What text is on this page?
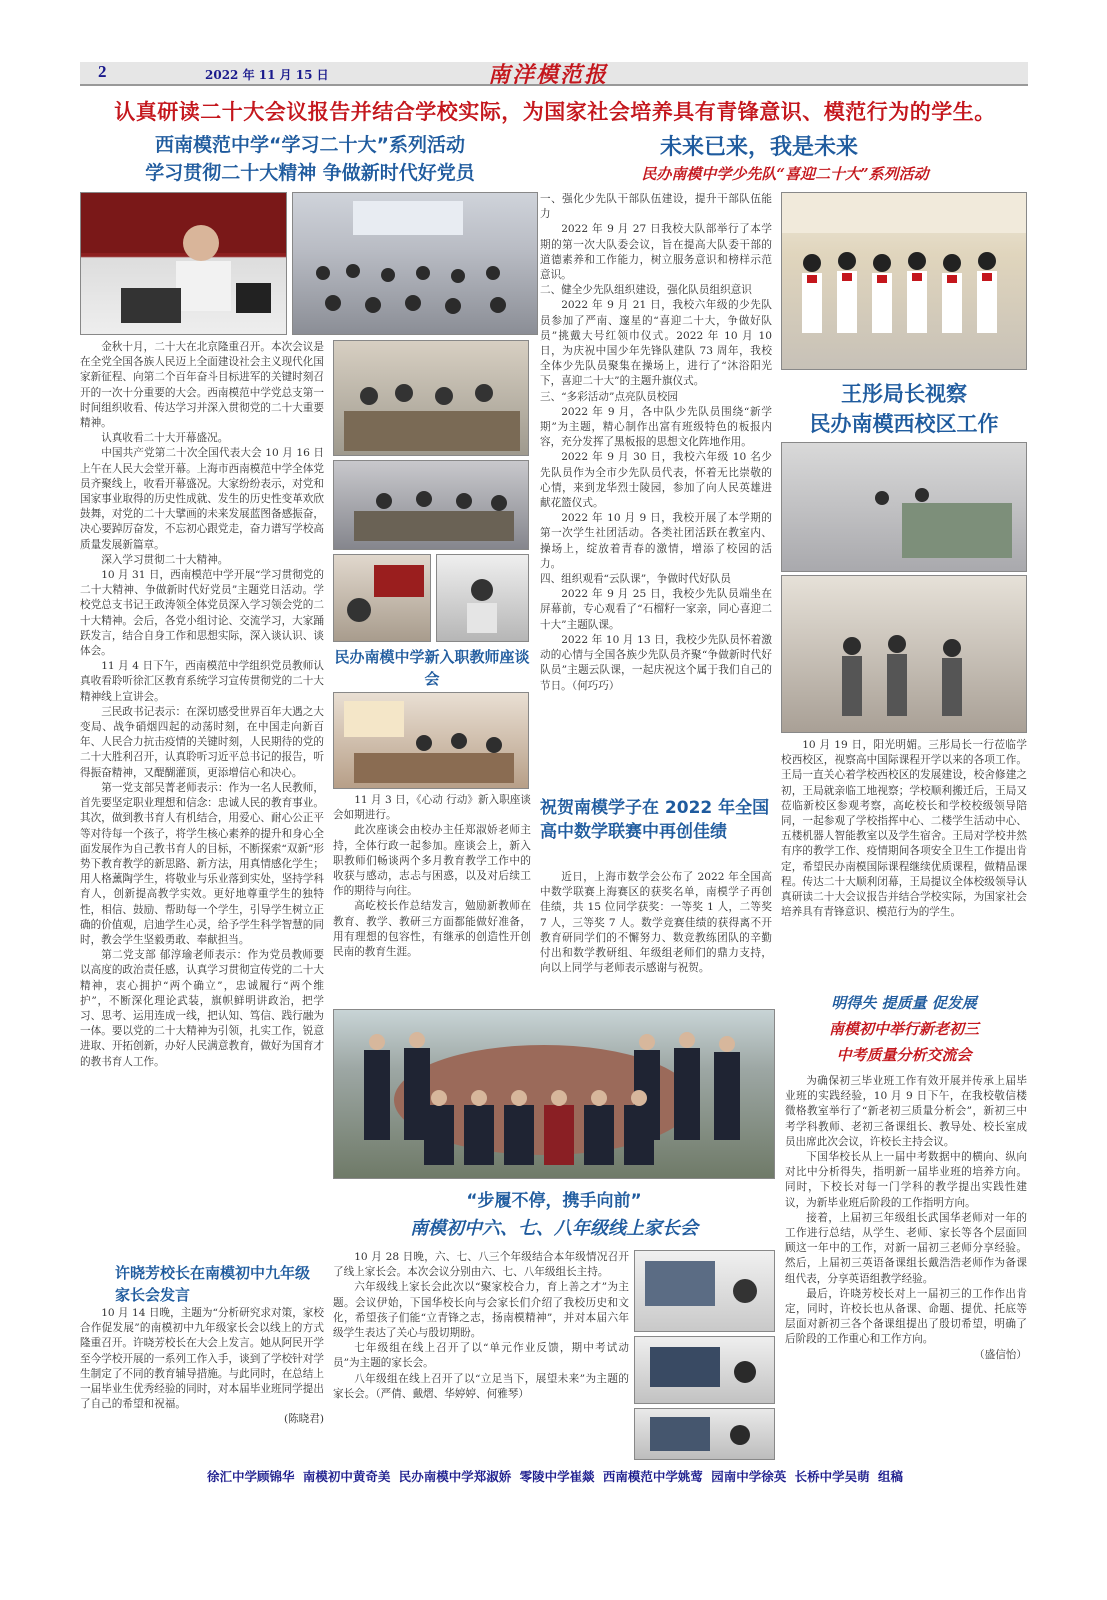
2	2022 年 11 月 15 日	南洋模范报
认真研读二十大会议报告并结合学校实际，为国家社会培养具有青锋意识、模范行为的学生。
西南模范中学“学习二十大”系列活动
学习贯彻二十大精神 争做新时代好党员

金秋十月，二十大在北京隆重召开。本次会议是在全党全国各族人民迈上全面建设社会主义现代化国家新征程、向第二个百年奋斗目标进军的关键时刻召开的一次十分重要的大会。西南模范中学党总支第一时间组织收看、传达学习并深入贯彻党的二十大重要精神。

认真收看二十大开幕盛况。

中国共产党第二十次全国代表大会 10 月 16 日上午在人民大会堂开幕。上海市西南模范中学全体党员齐聚线上，收看开幕盛况。大家纷纷表示，对党和国家事业取得的历史性成就、发生的历史性变革欢欣鼓舞，对党的二十大擘画的未来发展蓝图备感振奋，决心要踔厉奋发，不忘初心跟党走，奋力谱写学校高质量发展新篇章。

深入学习贯彻二十大精神。

10 月 31 日，西南模范中学开展“学习贯彻党的二十大精神、争做新时代好党员”主题党日活动。学校党总支书记王政涛领全体党员深入学习领会党的二十大精神。会后，各党小组讨论、交流学习，大家踊跃发言，结合自身工作和思想实际，深入谈认识、谈体会。

11 月 4 日下午，西南模范中学组织党员教师认真收看聆听徐汇区教育系统学习宣传贯彻党的二十大精神线上宣讲会。

三民政书记表示：在深切感受世界百年大遇之大变局、战争硝烟四起的动荡时刻，在中国走向新百年、人民合力抗击疫情的关键时刻，人民期待的党的二十大胜利召开，认真聆听习近平总书记的报告，听得振奋精神，又醍醐灌顶，更添增信心和决心。

第一党支部吴菁老师表示：作为一名人民教师，首先要坚定职业理想和信念：忠诚人民的教育事业。其次，做到教书育人有机结合，用爱心、耐心公正平等对待每一个孩子，将学生核心素养的提升和身心全面发展作为自己教书育人的目标，不断探索“双新”形势下教育教学的新思路、新方法，用真情感化学生；用人格薰陶学生，将敬业与乐业落到实处，坚持学科育人，创新提高教学实效。更好地尊重学生的独特性，相信、鼓励、帮助每一个学生，引导学生树立正确的价值观，启迪学生心灵，给予学生科学智慧的同时，教会学生坚毅勇敢、奉献担当。

第二党支部 郁淳瑜老师表示：作为党员教师要以高度的政治责任感，认真学习贯彻宣传党的二十大精神，衷心拥护“两个确立”，忠诚履行“两个维护”，不断深化理论武装，旗帜鲜明讲政治，把学习、思考、运用连成一线，把认知、笃信、践行融为一体。要以党的二十大精神为引领，扎实工作，锐意进取、开拓创新，办好人民满意教育，做好为国育才的教书育人工作。

民办南模中学新入职教师座谈会

11 月 3 日，《心动 行动》新入职座谈会如期进行。

此次座谈会由校办主任郑淑娇老师主持，全体行政一起参加。座谈会上，新入职教师们畅谈两个多月教育教学工作中的收获与感动，志忐与困惑，以及对后续工作的期待与向往。

高屹校长作总结发言，勉励新教师在教育、教学、教研三方面都能做好准备，用有理想的包容性，有继承的创造性开创民南的教育生涯。

许晓芳校长在南模初中九年级家长会发言

10 月 14 日晚，主题为“分析研究求对策，家校合作促发展”的南模初中九年级家长会以线上的方式隆重召开。许晓芳校长在大会上发言。她从阿民开学至今学校开展的一系列工作入手，谈到了学校针对学生制定了不同的教育辅导措施。与此同时，在总结上一届毕业生优秀经验的同时，对本届毕业班同学提出了自己的希望和祝福。

(陈晓君)

未来已来，我是未来
民办南模中学少先队“喜迎二十大”系列活动

一、强化少先队干部队伍建设，提升干部队伍能力

2022 年 9 月 27 日我校大队部举行了本学期的第一次大队委会议，旨在提高大队委干部的道德素养和工作能力，树立服务意识和榜样示范意识。

二、健全少先队组织建设，强化队员组织意识

2022 年 9 月 21 日，我校六年级的少先队员参加了严南、邃星的“喜迎二十大，争做好队员”挑戴大号红领巾仪式。2022 年 10 月 10 日，为庆祝中国少年先锋队建队 73 周年，我校全体少先队员聚集在操场上，进行了“沐浴阳光下，喜迎二十大”的主题升旗仪式。

三、“多彩活动”点亮队员校园

2022 年 9 月，各中队少先队员围绕“新学期”为主题，精心制作出富有班级特色的板报内容，充分发挥了黑板报的思想文化阵地作用。

2022 年 9 月 30 日，我校六年级 10 名少先队员作为全市少先队员代表，怀着无比崇敬的心情，来到龙华烈士陵园，参加了向人民英雄进献花篮仪式。

2022 年 10 月 9 日，我校开展了本学期的第一次学生社团活动。各类社团活跃在教室内、操场上，绽放着青春的激情，增添了校园的活力。

四、组织观看“云队课”，争做时代好队员

2022 年 9 月 25 日，我校少先队员端坐在屏幕前，专心观看了“石榴籽一家亲，同心喜迎二十大”主题队课。

2022 年 10 月 13 日，我校少先队员怀着激动的心情与全国各族少先队员齐聚“争做新时代好队员”主题云队课，一起庆祝这个属于我们自己的节日。（何巧巧）

祝贺南模学子在 2022 年全国高中数学联赛中再创佳绩

近日，上海市数学会公布了 2022 年全国高中数学联赛上海赛区的获奖名单，南模学子再创佳绩，共 15 位同学获奖：一等奖 1 人，二等奖 7 人，三等奖 7 人。数学竞赛佳绩的获得离不开教育研同学们的不懈努力、数竞教练团队的辛勤付出和数学教研组、年级组老师们的鼎力支持，向以上同学与老师表示感谢与祝贺。

王彤局长视察
民办南模西校区工作

10 月 19 日，阳光明媚。三彤局长一行莅临学校西校区，视察高中国际课程开学以来的各项工作。王局一直关心着学校西校区的发展建设，校舍修建之初，王局就亲临工地视察；学校顺利搬迁后，王局又莅临新校区参观考察，高屹校长和学校校级领导陪同，一起参观了学校指挥中心、二楼学生活动中心、五楼机器人智能教室以及学生宿舍。王局对学校井然有序的教学工作、疫情期间各项安全卫生工作提出肯定，希望民办南模国际课程继续优质课程，做精品课程。传达二十大顺利闭幕，王局提议全体校级领导认真研读二十大会议报告并结合学校实际，为国家社会培养具有青锋意识、模范行为的学生。

明得失 提质量 促发展
南模初中举行新老初三
中考质量分析交流会

为确保初三毕业班工作有效开展并传承上届毕业班的实践经验，10 月 9 日下午，在我校敬信楼微格教室举行了“新老初三质量分析会”，新初三中考学科教师、老初三备课组长、教导处、校长室成员出席此次会议，许校长主持会议。

下国华校长从上一届中考数据中的横向、纵向对比中分析得失，指明新一届毕业班的培养方向。同时，下校长对每一门学科的教学提出实践性建议，为新毕业班后阶段的工作指明方向。

接着，上届初三年级组长武国华老师对一年的工作进行总结，从学生、老师、家长等各个层面回顾这一年中的工作，对新一届初三老师分享经验。然后，上届初三英语备课组长戴浩浩老师作为备课组代表，分享英语组教学经验。

最后，许晓芳校长对上一届初三的工作作出肯定，同时，许校长也从备课、命题、提优、托底等层面对新初三各个备课组提出了殷切希望，明确了后阶段的工作重心和工作方向。

（盛信怡）

“步履不停，携手向前”
南模初中六、七、八年级线上家长会

10 月 28 日晚，六、七、八三个年级结合本年级情况召开了线上家长会。本次会议分别由六、七、八年级组长主持。

六年级线上家长会此次以“聚家校合力，育上善之才”为主题。会议伊始，下国华校长向与会家长们介绍了我校历史和文化，希望孩子们能“立青锋之志，扬南模精神”，并对本届六年级学生表达了关心与殷切期盼。

七年级组在线上召开了以“单元作业反馈，期中考试动员”为主题的家长会。

八年级组在线上召开了以“立足当下，展望未来”为主题的家长会。（严倩、戴熠、华婷婷、何雅琴）

徐汇中学顾锦华 南模初中黄奇美 民办南模中学郑淑娇 零陵中学崔燚 西南模范中学姚莺 园南中学徐英 长桥中学吴萌 组稿
